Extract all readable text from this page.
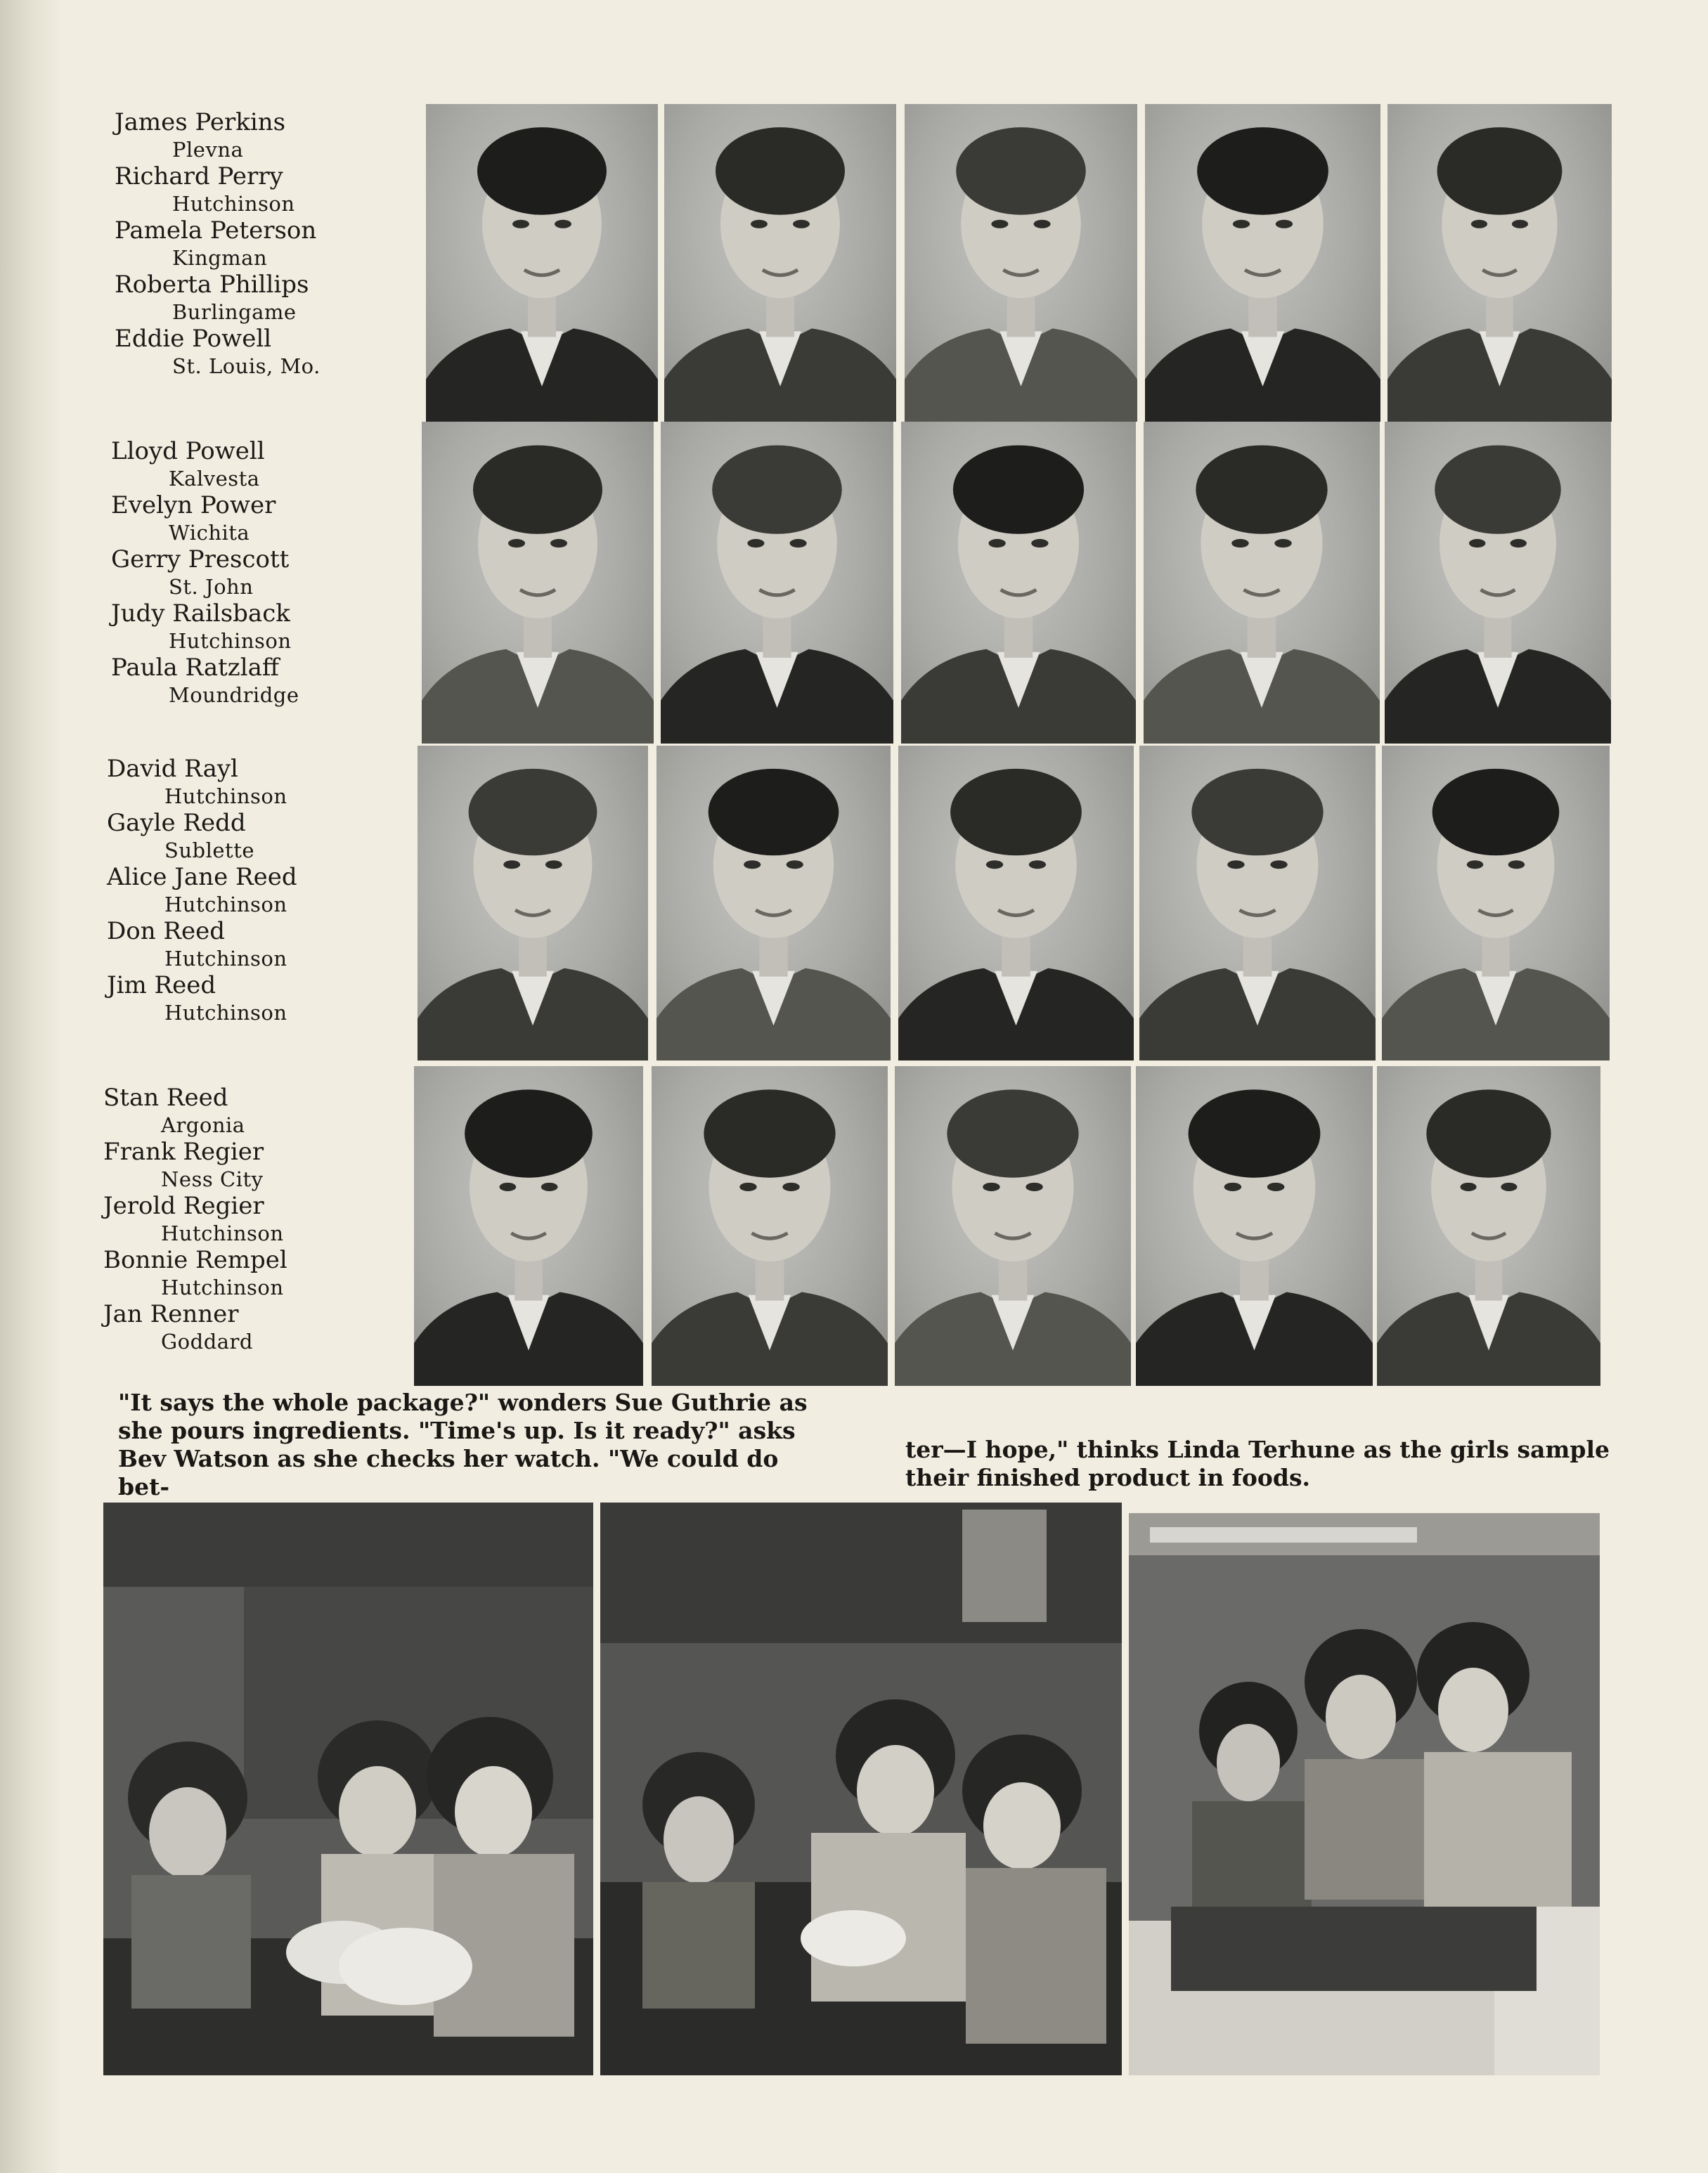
James Perkins
Plevna
Richard Perry
Hutchinson
Pamela Peterson
Kingman
Roberta Phillips
Burlingame
Eddie Powell
St. Louis, Mo.
Lloyd Powell
Kalvesta
Evelyn Power
Wichita
Gerry Prescott
St. John
Judy Railsback
Hutchinson
Paula Ratzlaff
Moundridge
David Rayl
Hutchinson
Gayle Redd
Sublette
Alice Jane Reed
Hutchinson
Don Reed
Hutchinson
Jim Reed
Hutchinson
Stan Reed
Argonia
Frank Regier
Ness City
Jerold Regier
Hutchinson
Bonnie Rempel
Hutchinson
Jan Renner
Goddard
"It says the whole package?" wonders Sue Guthrie as
she pours ingredients. "Time's up. Is it ready?" asks
Bev Watson as she checks her watch. "We could do bet-
ter—I hope," thinks Linda Terhune as the girls sample
their finished product in foods.
